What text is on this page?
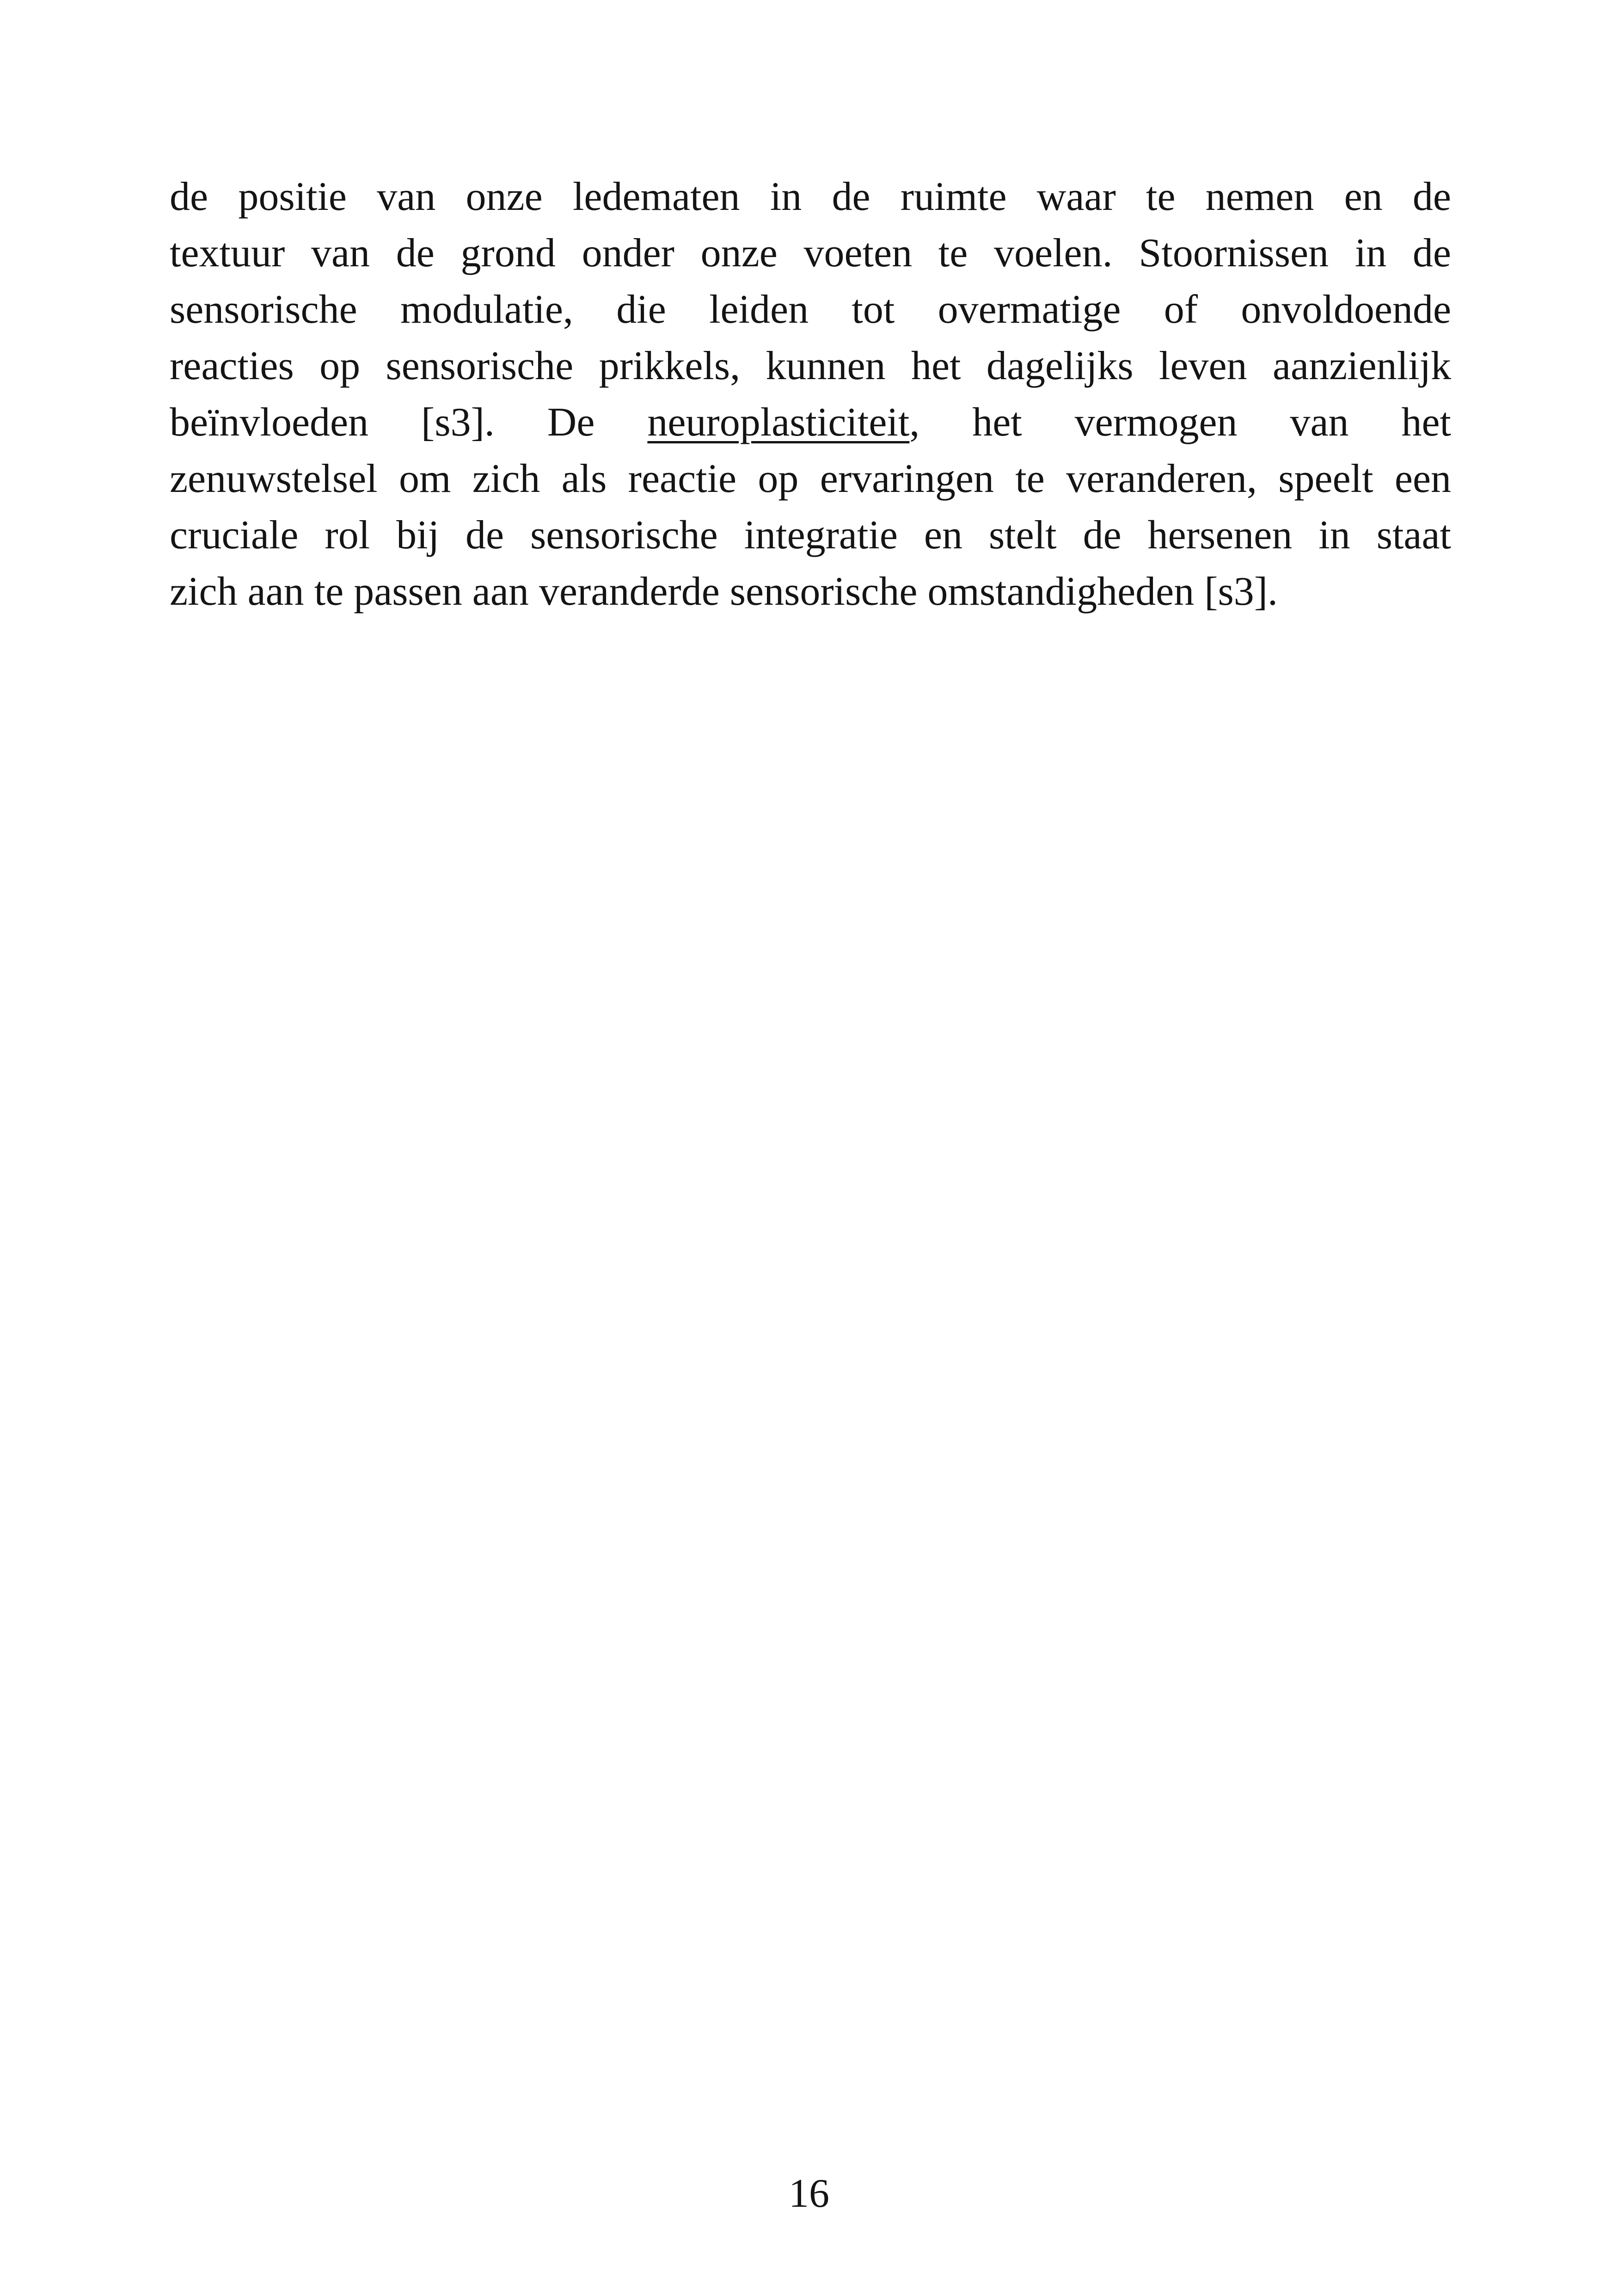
de positie van onze ledematen in de ruimte waar te nemen en de
textuur van de grond onder onze voeten te voelen. Stoornissen in de
sensorische modulatie, die leiden tot overmatige of onvoldoende
reacties op sensorische prikkels, kunnen het dagelijks leven aanzienlijk
beïnvloeden [s3]. De neuroplasticiteit, het vermogen van het
zenuwstelsel om zich als reactie op ervaringen te veranderen, speelt een
cruciale rol bij de sensorische integratie en stelt de hersenen in staat
zich aan te passen aan veranderde sensorische omstandigheden [s3].
16
